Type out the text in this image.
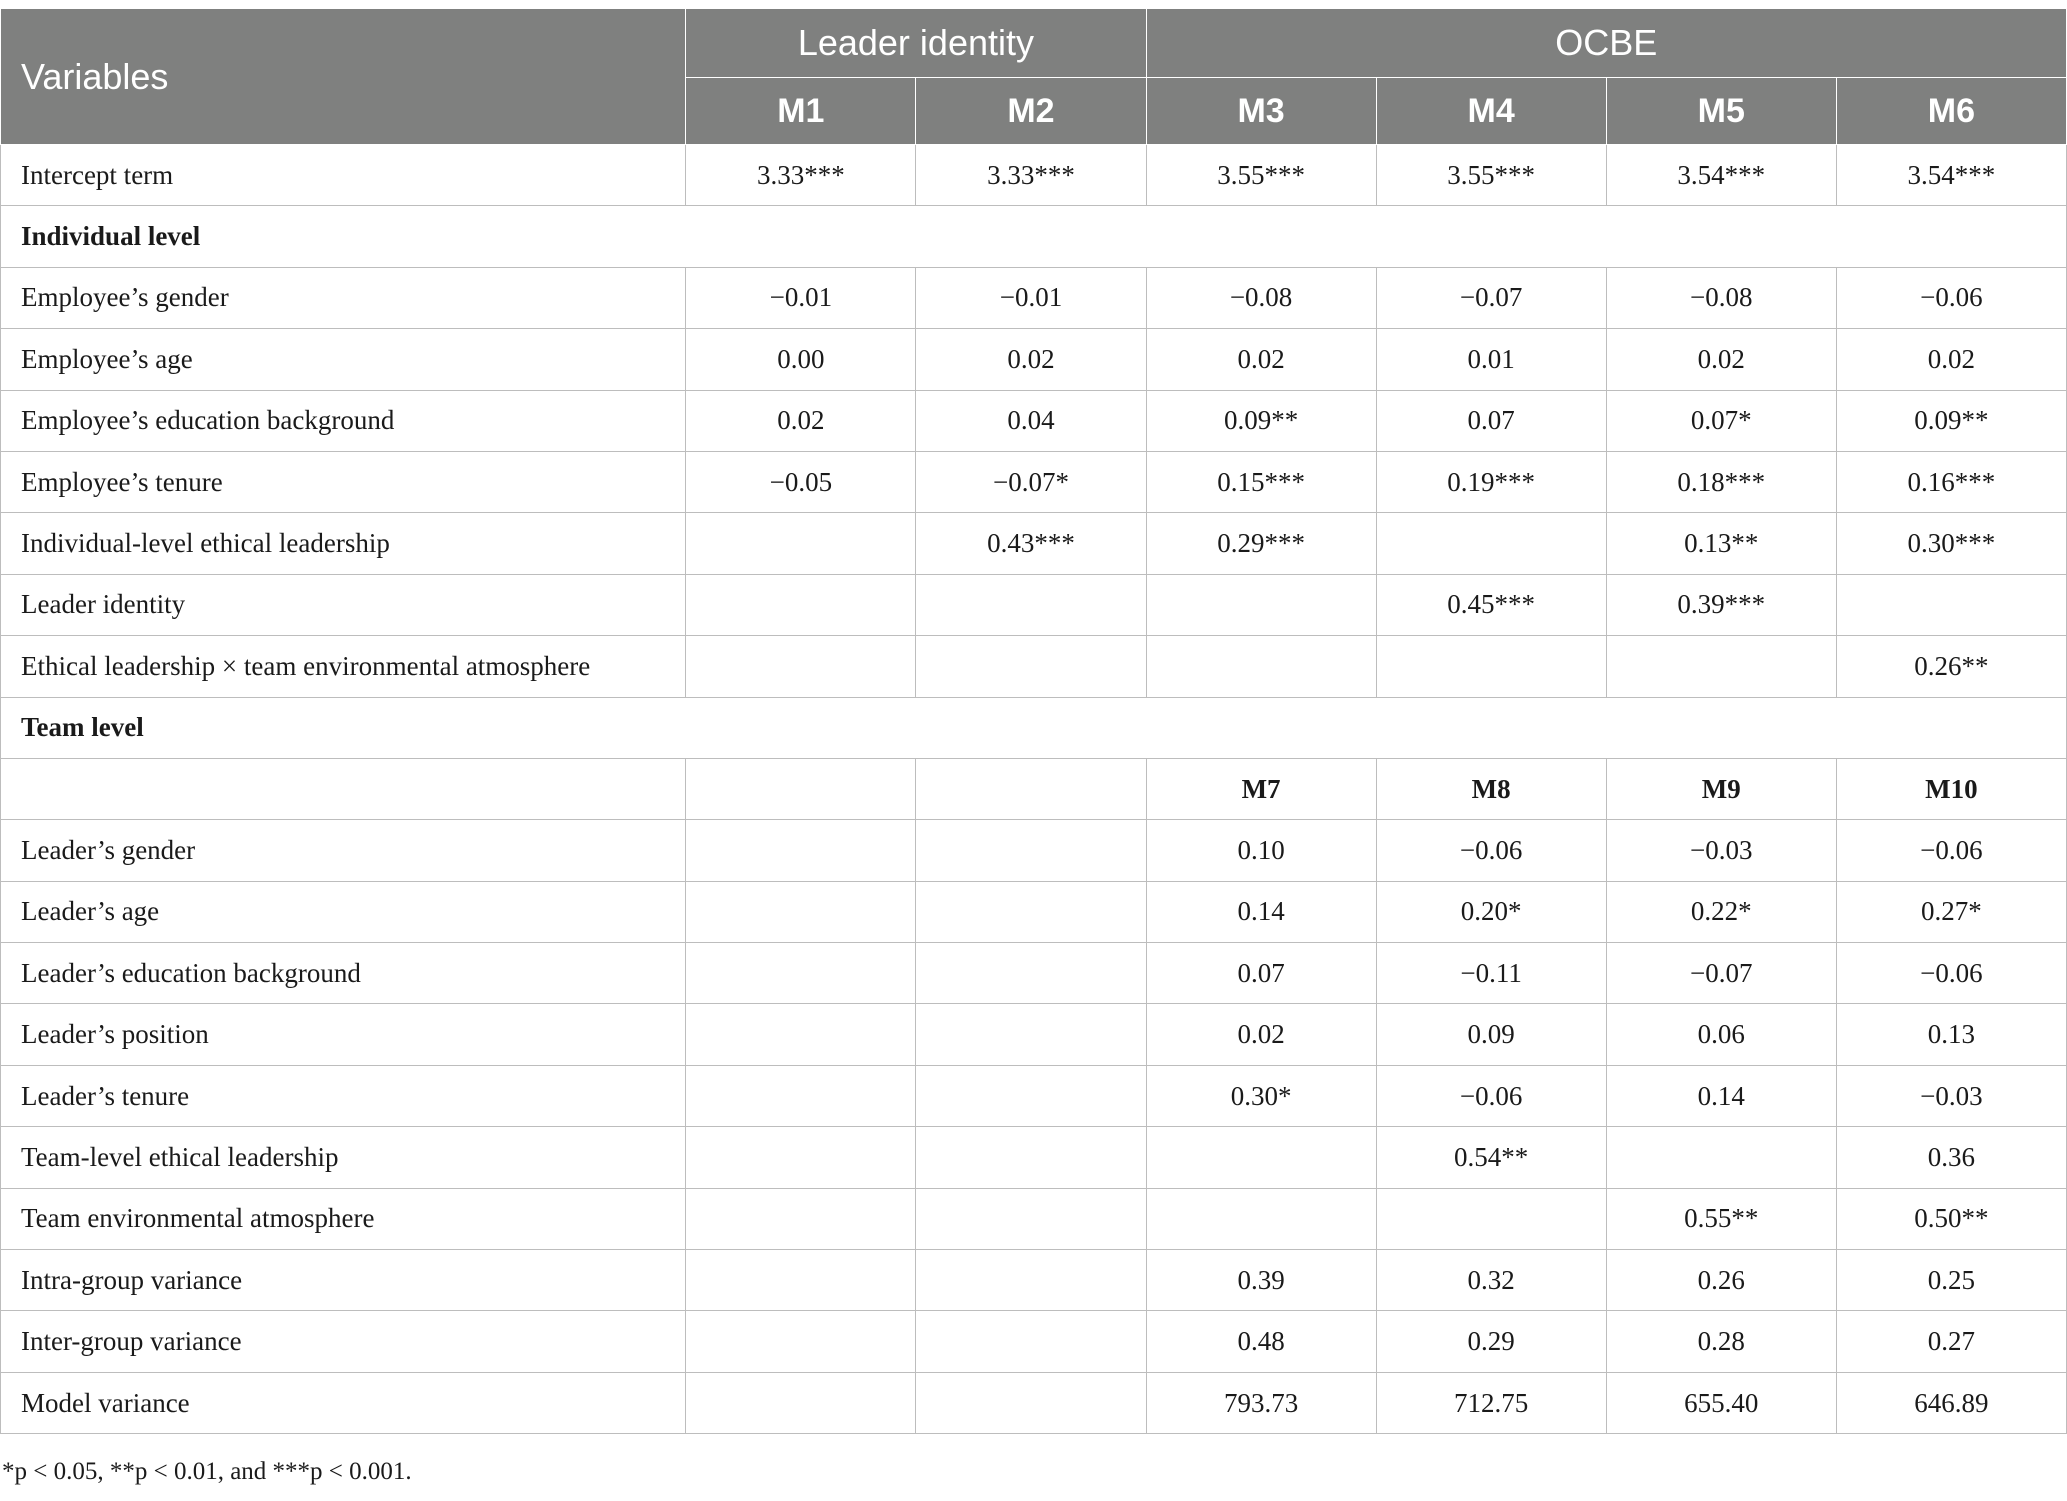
Variables	Leader identity		OCBE			
	M1	M2	M3	M4	M5	M6
Intercept term	3.33***	3.33***	3.55***	3.55***	3.54***	3.54***
Individual level						
Employee’s gender	−0.01	−0.01	−0.08	−0.07	−0.08	−0.06
Employee’s age	0.00	0.02	0.02	0.01	0.02	0.02
Employee’s education background	0.02	0.04	0.09**	0.07	0.07*	0.09**
Employee’s tenure	−0.05	−0.07*	0.15***	0.19***	0.18***	0.16***
Individual-level ethical leadership		0.43***	0.29***		0.13**	0.30***
Leader identity				0.45***	0.39***	
Ethical leadership × team environmental atmosphere						0.26**
Team level						
			M7	M8	M9	M10
Leader’s gender			0.10	−0.06	−0.03	−0.06
Leader’s age			0.14	0.20*	0.22*	0.27*
Leader’s education background			0.07	−0.11	−0.07	−0.06
Leader’s position			0.02	0.09	0.06	0.13
Leader’s tenure			0.30*	−0.06	0.14	−0.03
Team-level ethical leadership				0.54**		0.36
Team environmental atmosphere					0.55**	0.50**
Intra-group variance			0.39	0.32	0.26	0.25
Inter-group variance			0.48	0.29	0.28	0.27
Model variance			793.73	712.75	655.40	646.89
*p < 0.05, **p < 0.01, and ***p < 0.001.
